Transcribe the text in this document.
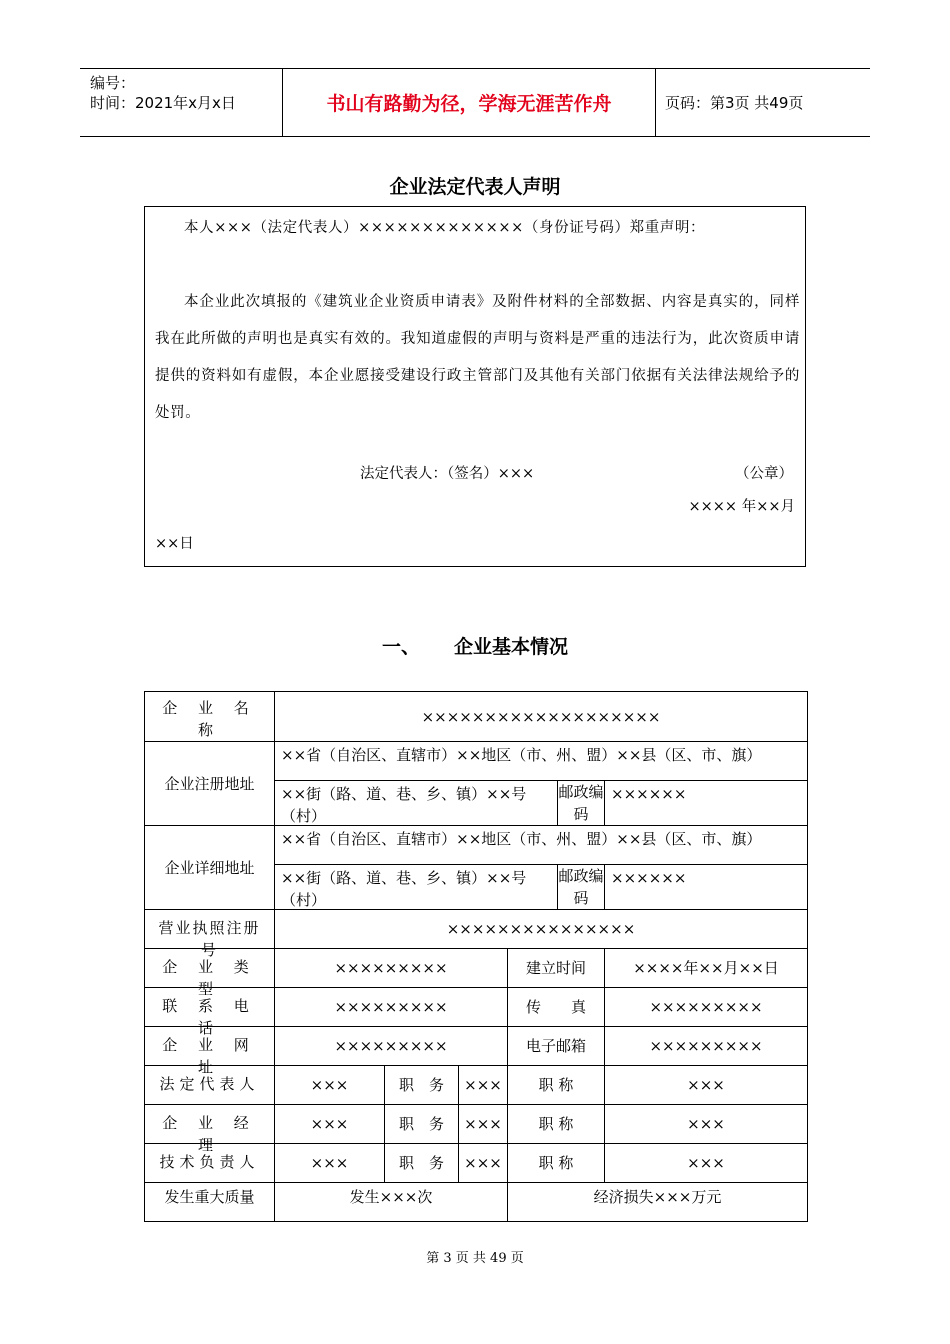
编号：
时间：2021年x月x日	书山有路勤为径，学海无涯苦作舟	页码：第3页 共49页
企业法定代表人声明

本人×××（法定代表人）×××××××××××××（身份证号码）郑重声明：

本企业此次填报的《建筑业企业资质申请表》及附件材料的全部数据、内容是真实的，同样我在此所做的声明也是真实有效的。我知道虚假的声明与资料是严重的违法行为，此次资质申请提供的资料如有虚假，本企业愿接受建设行政主管部门及其他有关部门依据有关法律法规给予的处罚。

法定代表人：（签名）×××	（公章）
×××× 年××月
××日
一、 企业基本情况
企 业 名 称	×××××××××××××××××××					
企业注册地址	××省（自治区、直辖市）××地区（市、州、盟）××县（区、市、旗）					

	××街（路、道、巷、乡、镇）××号（村）				邮政编码	××××××

企业详细地址	××省（自治区、直辖市）××地区（市、州、盟）××县（区、市、旗）					

	××街（路、道、巷、乡、镇）××号（村）				邮政编码	××××××

营业执照注册号	×××××××××××××××					

企 业 类 型	×××××××××			建立时间		××××年××月××日

联 系 电 话	×××××××××			传　　真		×××××××××

企 业 网 址	×××××××××			电子邮箱		×××××××××

法定代表人	×××	职　务	×××	职 称		×××

企 业 经 理	×××	职　务	×××	职 称		×××

技术负责人	×××	职　务	×××	职 称		×××
发生重大质量	发生×××次			经济损失×××万元		
第 3 页 共 49 页
